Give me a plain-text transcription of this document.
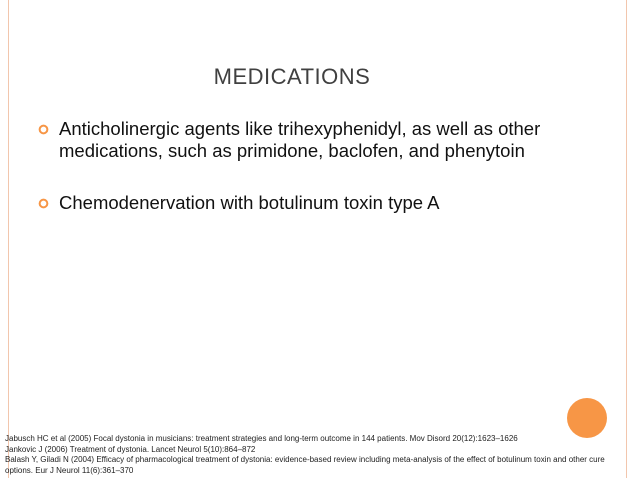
MEDICATIONS
Anticholinergic agents like trihexyphenidyl, as well as other medications, such as primidone, baclofen, and phenytoin
Chemodenervation with botulinum toxin type A

Jabusch HC et al (2005) Focal dystonia in musicians: treatment strategies and long-term outcome in 144 patients. Mov Disord 20(12):1623–1626

Jankovic J (2006) Treatment of dystonia. Lancet Neurol 5(10):864–872

Balash Y, Giladi N (2004) Efficacy of pharmacological treatment of dystonia: evidence-based review including meta-analysis of the effect of botulinum toxin and other cure options. Eur J Neurol 11(6):361–370
